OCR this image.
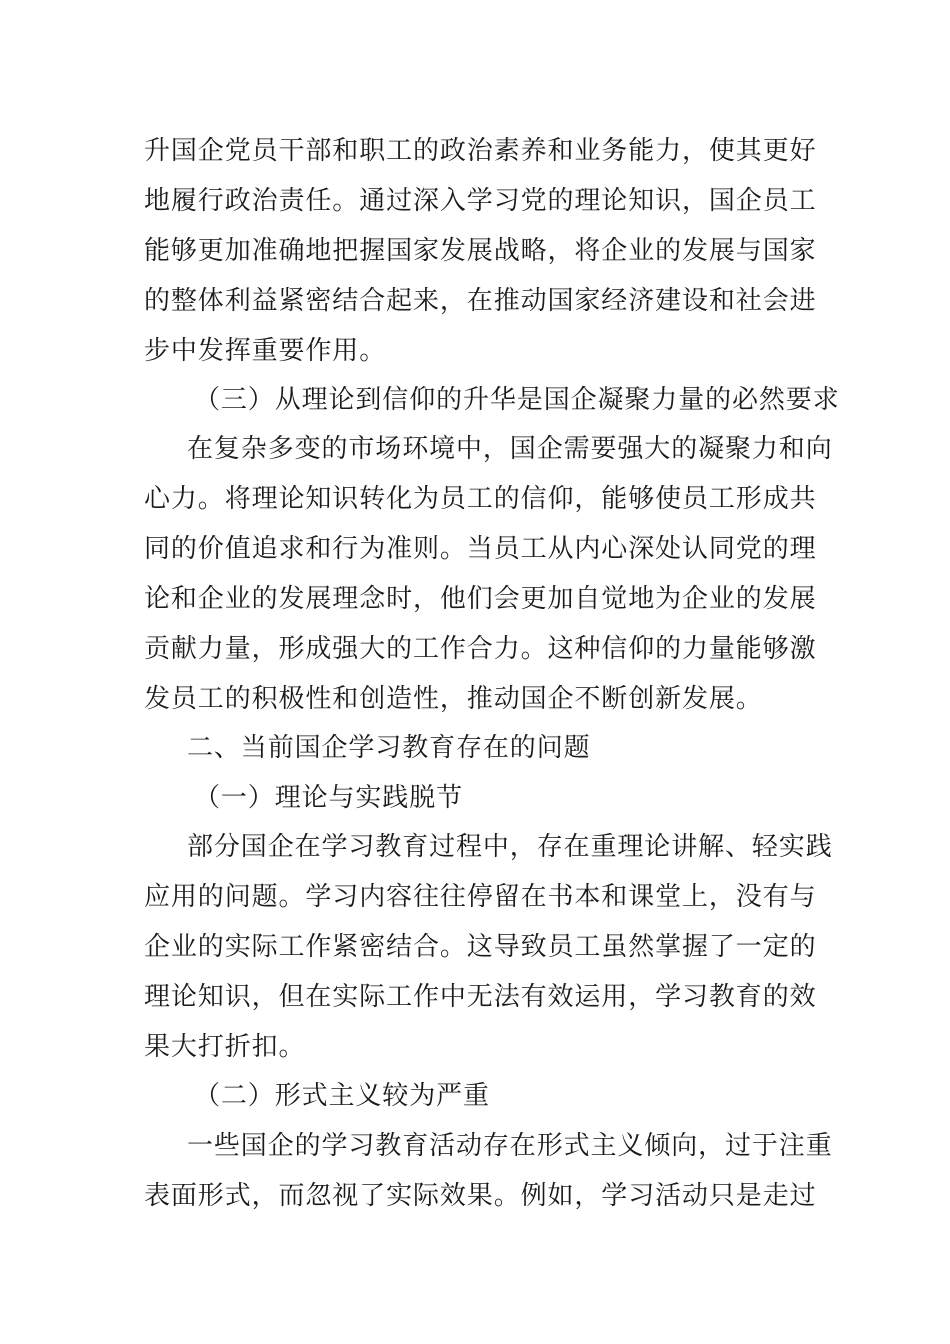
升国企党员干部和职工的政治素养和业务能力，使其更好
地履行政治责任。通过深入学习党的理论知识，国企员工
能够更加准确地把握国家发展战略，将企业的发展与国家
的整体利益紧密结合起来，在推动国家经济建设和社会进
步中发挥重要作用。
（三）从理论到信仰的升华是国企凝聚力量的必然要求
在复杂多变的市场环境中，国企需要强大的凝聚力和向
心力。将理论知识转化为员工的信仰，能够使员工形成共
同的价值追求和行为准则。当员工从内心深处认同党的理
论和企业的发展理念时，他们会更加自觉地为企业的发展
贡献力量，形成强大的工作合力。这种信仰的力量能够激
发员工的积极性和创造性，推动国企不断创新发展。
二、当前国企学习教育存在的问题
（一）理论与实践脱节
部分国企在学习教育过程中，存在重理论讲解、轻实践
应用的问题。学习内容往往停留在书本和课堂上，没有与
企业的实际工作紧密结合。这导致员工虽然掌握了一定的
理论知识，但在实际工作中无法有效运用，学习教育的效
果大打折扣。
（二）形式主义较为严重
一些国企的学习教育活动存在形式主义倾向，过于注重
表面形式，而忽视了实际效果。例如，学习活动只是走过
